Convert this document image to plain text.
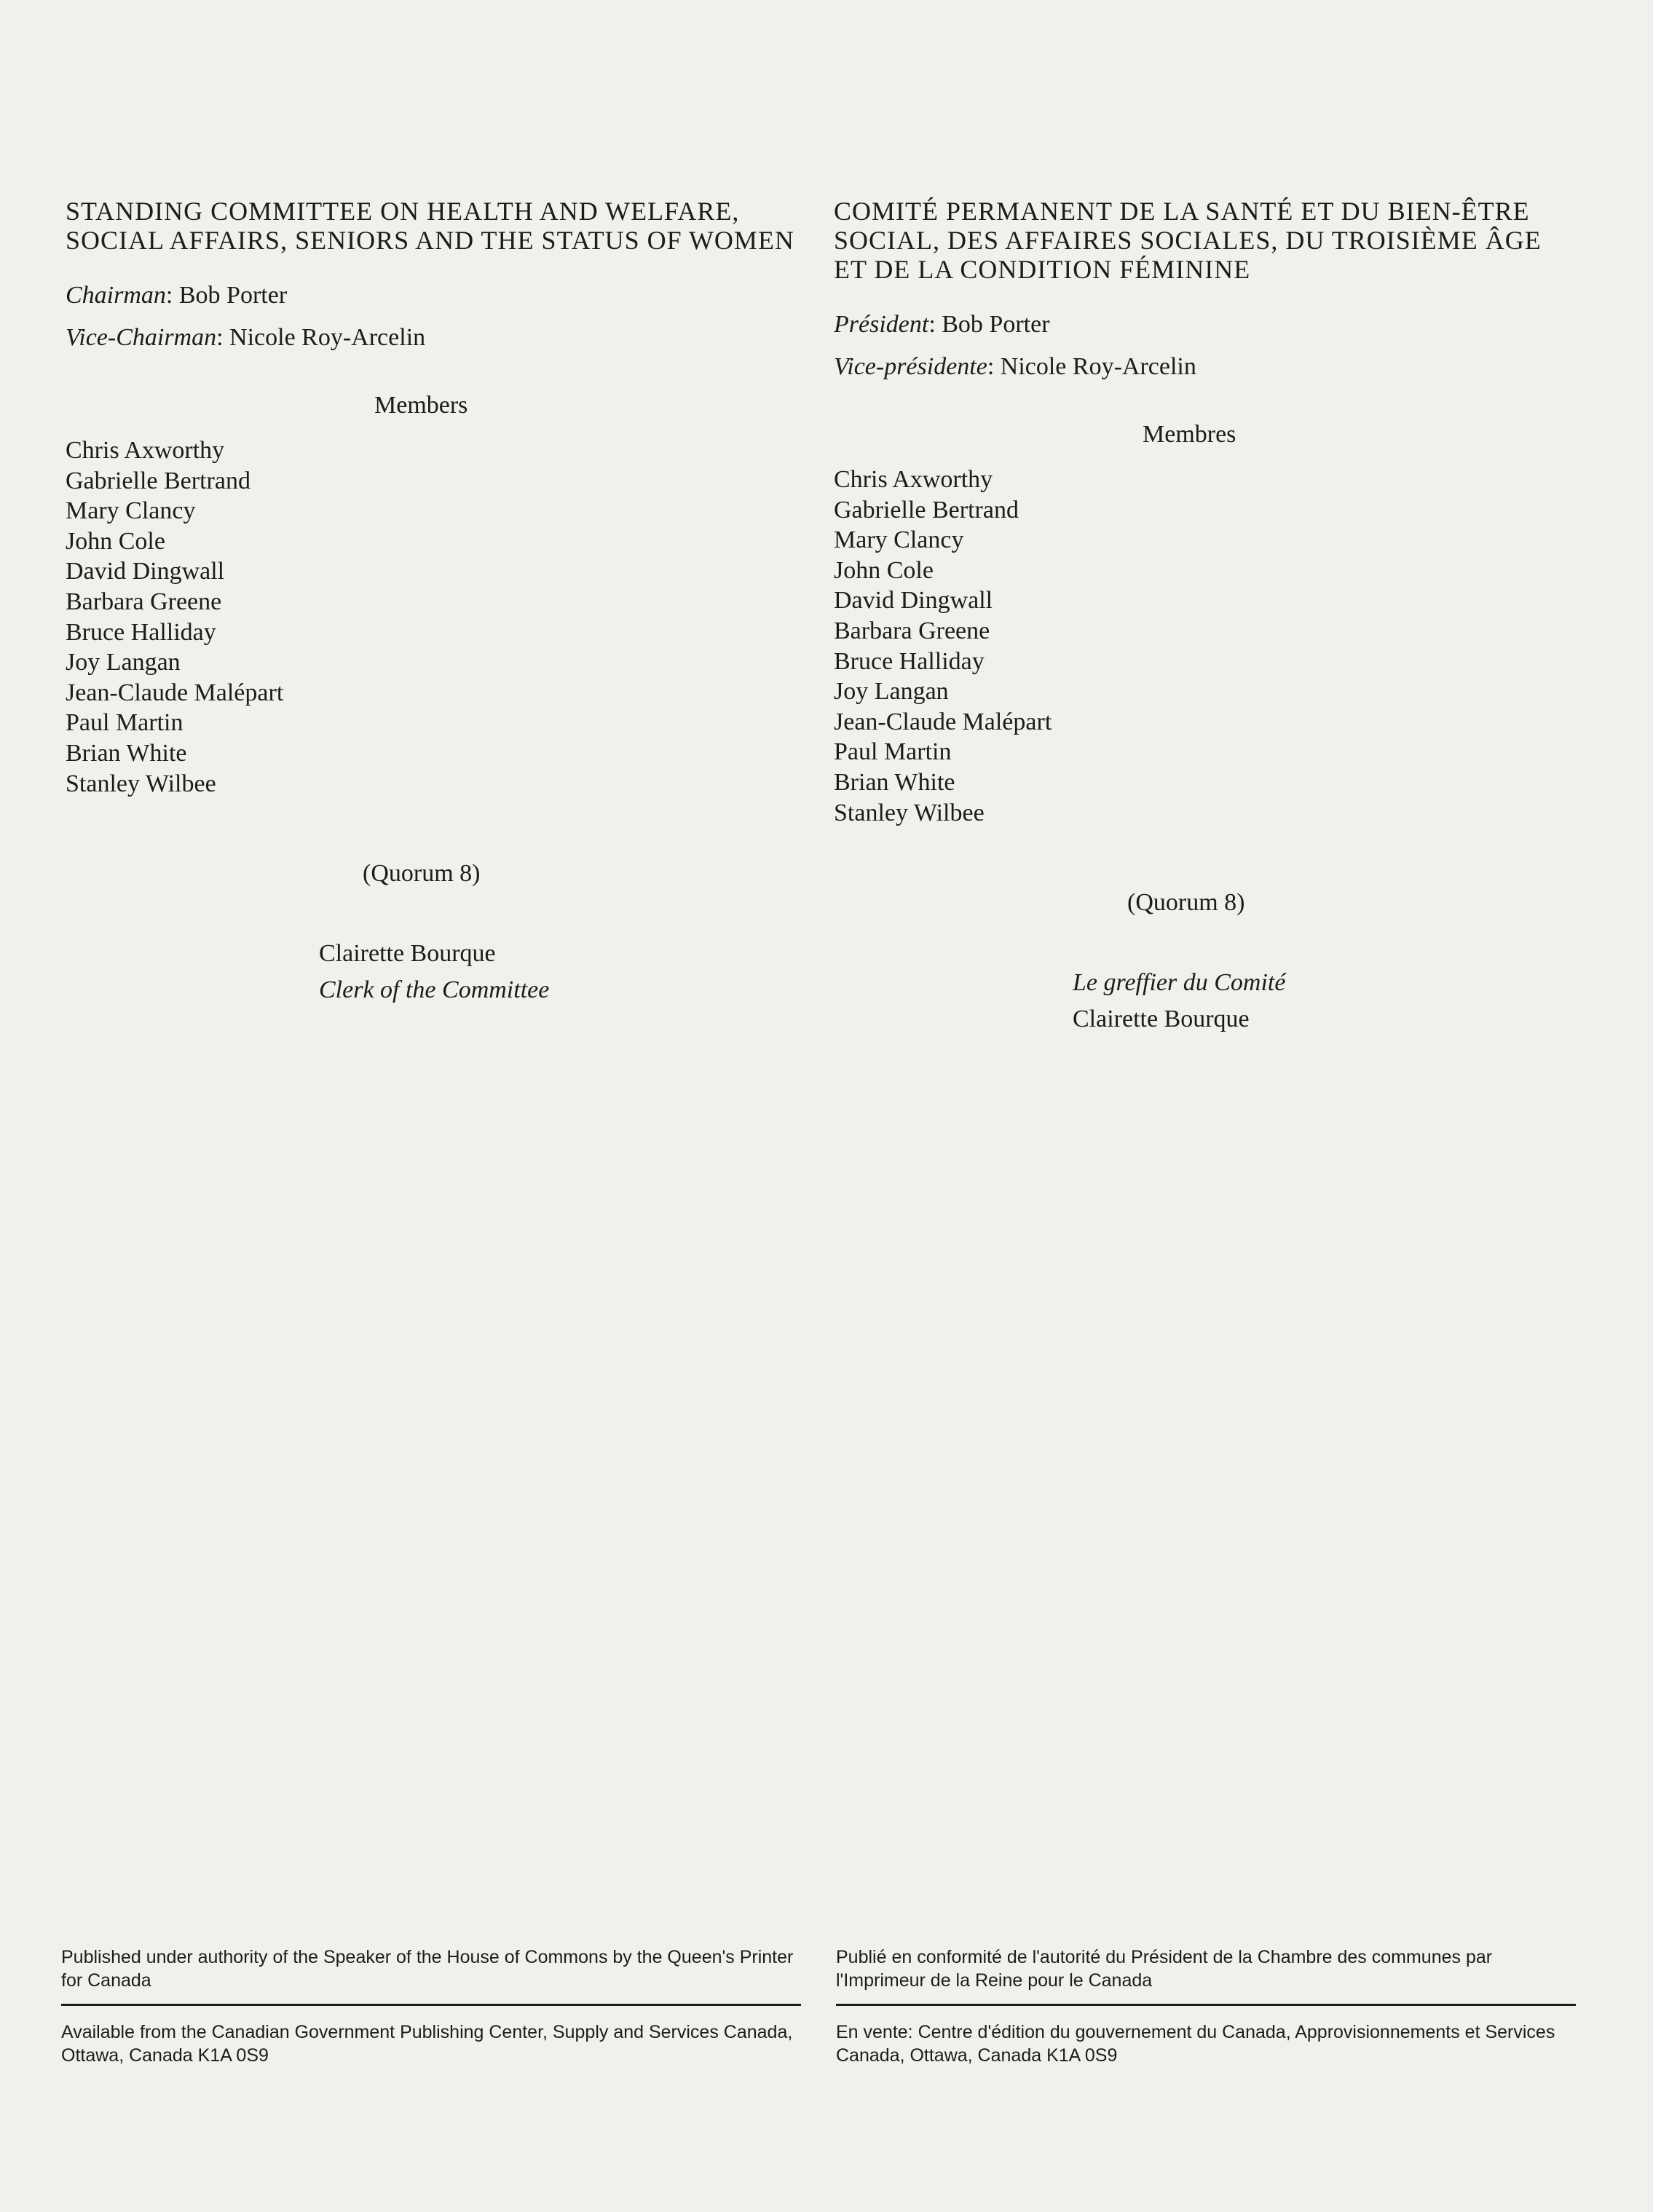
STANDING COMMITTEE ON HEALTH AND WELFARE, SOCIAL AFFAIRS, SENIORS AND THE STATUS OF WOMEN

Chairman: Bob Porter

Vice-Chairman: Nicole Roy-Arcelin

Members
Chris Axworthy
Gabrielle Bertrand
Mary Clancy
John Cole
David Dingwall
Barbara Greene
Bruce Halliday
Joy Langan
Jean-Claude Malépart
Paul Martin
Brian White
Stanley Wilbee
(Quorum 8)
Clairette Bourque
Clerk of the Committee

COMITÉ PERMANENT DE LA SANTÉ ET DU BIEN-ÊTRE SOCIAL, DES AFFAIRES SOCIALES, DU TROISIÈME ÂGE ET DE LA CONDITION FÉMININE

Président: Bob Porter

Vice-présidente: Nicole Roy-Arcelin

Membres
Chris Axworthy
Gabrielle Bertrand
Mary Clancy
John Cole
David Dingwall
Barbara Greene
Bruce Halliday
Joy Langan
Jean-Claude Malépart
Paul Martin
Brian White
Stanley Wilbee
(Quorum 8)
Le greffier du Comité
Clairette Bourque

Published under authority of the Speaker of the House of Commons by the Queen's Printer for Canada

Available from the Canadian Government Publishing Center, Supply and Services Canada, Ottawa, Canada K1A 0S9

Publié en conformité de l'autorité du Président de la Chambre des communes par l'Imprimeur de la Reine pour le Canada

En vente: Centre d'édition du gouvernement du Canada, Approvisionnements et Services Canada, Ottawa, Canada K1A 0S9
